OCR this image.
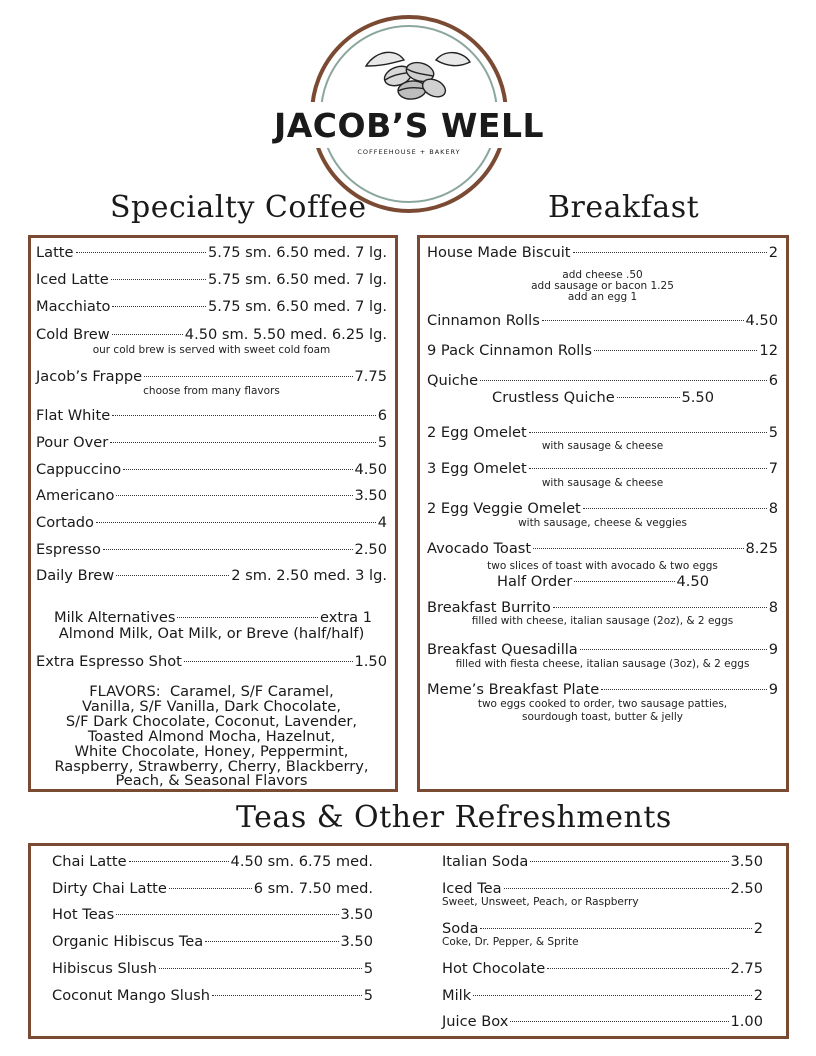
JACOB’S WELL
COFFEEHOUSE + BAKERY
Specialty Coffee	Breakfast
Teas & Other Refreshments
Latte	5.75 sm. 6.50 med. 7 lg.
Iced Latte	5.75 sm. 6.50 med. 7 lg.
Macchiato	5.75 sm. 6.50 med. 7 lg.
Cold Brew	4.50 sm. 5.50 med. 6.25 lg.
our cold brew is served with sweet cold foam
Jacob’s Frappe	7.75
choose from many flavors
Flat White	6
Pour Over	5
Cappuccino	4.50
Americano	3.50
Cortado	4
Espresso	2.50
Daily Brew	2 sm. 2.50 med. 3 lg.
Milk Alternatives	extra 1
Almond Milk, Oat Milk, or Breve (half/half)
Extra Espresso Shot	1.50
FLAVORS: Caramel, S/F Caramel,
Vanilla, S/F Vanilla, Dark Chocolate,
S/F Dark Chocolate, Coconut, Lavender,
Toasted Almond Mocha, Hazelnut,
White Chocolate, Honey, Peppermint,
Raspberry, Strawberry, Cherry, Blackberry,
Peach, & Seasonal Flavors
House Made Biscuit	2
add cheese .50
add sausage or bacon 1.25
add an egg 1
Cinnamon Rolls	4.50
9 Pack Cinnamon Rolls	12
Quiche	6
Crustless Quiche	5.50
2 Egg Omelet	5
with sausage & cheese
3 Egg Omelet	7
with sausage & cheese
2 Egg Veggie Omelet	8
with sausage, cheese & veggies
Avocado Toast	8.25
two slices of toast with avocado & two eggs
Half Order	4.50
Breakfast Burrito	8
filled with cheese, italian sausage (2oz), & 2 eggs
Breakfast Quesadilla	9
filled with fiesta cheese, italian sausage (3oz), & 2 eggs
Meme’s Breakfast Plate	9
two eggs cooked to order, two sausage patties,
sourdough toast, butter & jelly
Chai Latte	4.50 sm. 6.75 med.
Dirty Chai Latte	6 sm. 7.50 med.
Hot Teas	3.50
Organic Hibiscus Tea	3.50
Hibiscus Slush	5
Coconut Mango Slush	5
Italian Soda	3.50
Iced Tea	2.50
Sweet, Unsweet, Peach, or Raspberry
Soda	2
Coke, Dr. Pepper, & Sprite
Hot Chocolate	2.75
Milk	2
Juice Box	1.00
